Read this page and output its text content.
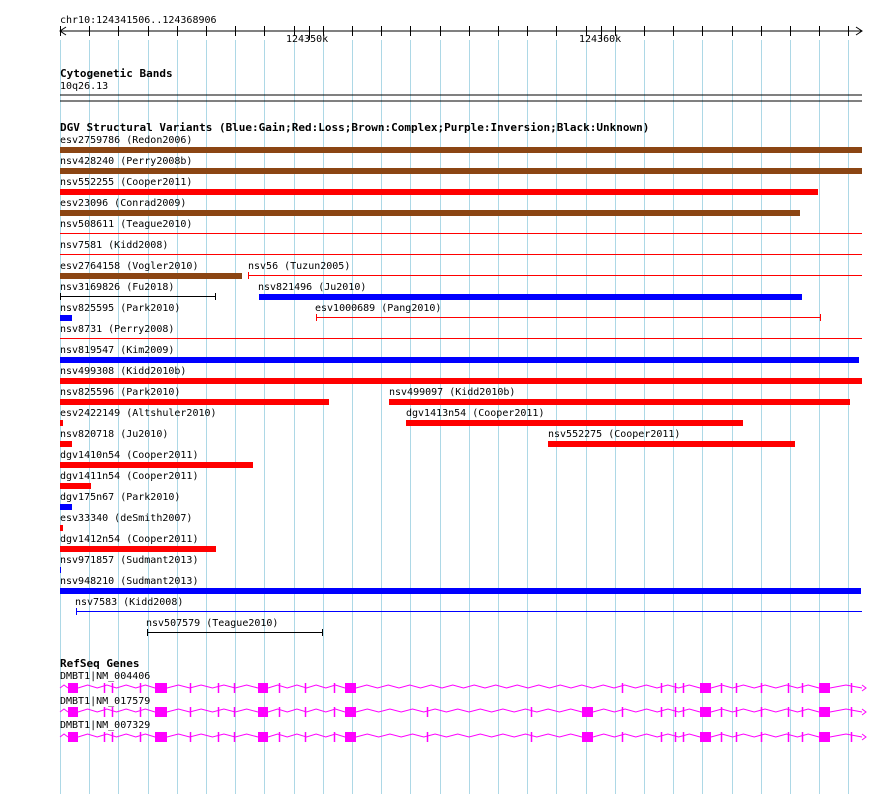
chr10:124341506..124368906
124350k	124360k
Cytogenetic Bands
10q26.13
DGV Structural Variants (Blue:Gain;Red:Loss;Brown:Complex;Purple:Inversion;Black:Unknown)
RefSeq Genes
esv2759786 (Redon2006)
nsv428240 (Perry2008b)
nsv552255 (Cooper2011)
esv23096 (Conrad2009)
nsv508611 (Teague2010)
nsv7581 (Kidd2008)
esv2764158 (Vogler2010)	nsv56 (Tuzun2005)
nsv3169826 (Fu2018)	nsv821496 (Ju2010)
nsv825595 (Park2010)	esv1000689 (Pang2010)
nsv8731 (Perry2008)
nsv819547 (Kim2009)
nsv499308 (Kidd2010b)
nsv825596 (Park2010)	nsv499097 (Kidd2010b)
esv2422149 (Altshuler2010)	dgv1413n54 (Cooper2011)
nsv820718 (Ju2010)	nsv552275 (Cooper2011)
dgv1410n54 (Cooper2011)
dgv1411n54 (Cooper2011)
dgv175n67 (Park2010)
esv33340 (deSmith2007)
dgv1412n54 (Cooper2011)
nsv971857 (Sudmant2013)
nsv948210 (Sudmant2013)
nsv7583 (Kidd2008)
nsv507579 (Teague2010)
DMBT1|NM_004406
DMBT1|NM_017579
DMBT1|NM_007329
